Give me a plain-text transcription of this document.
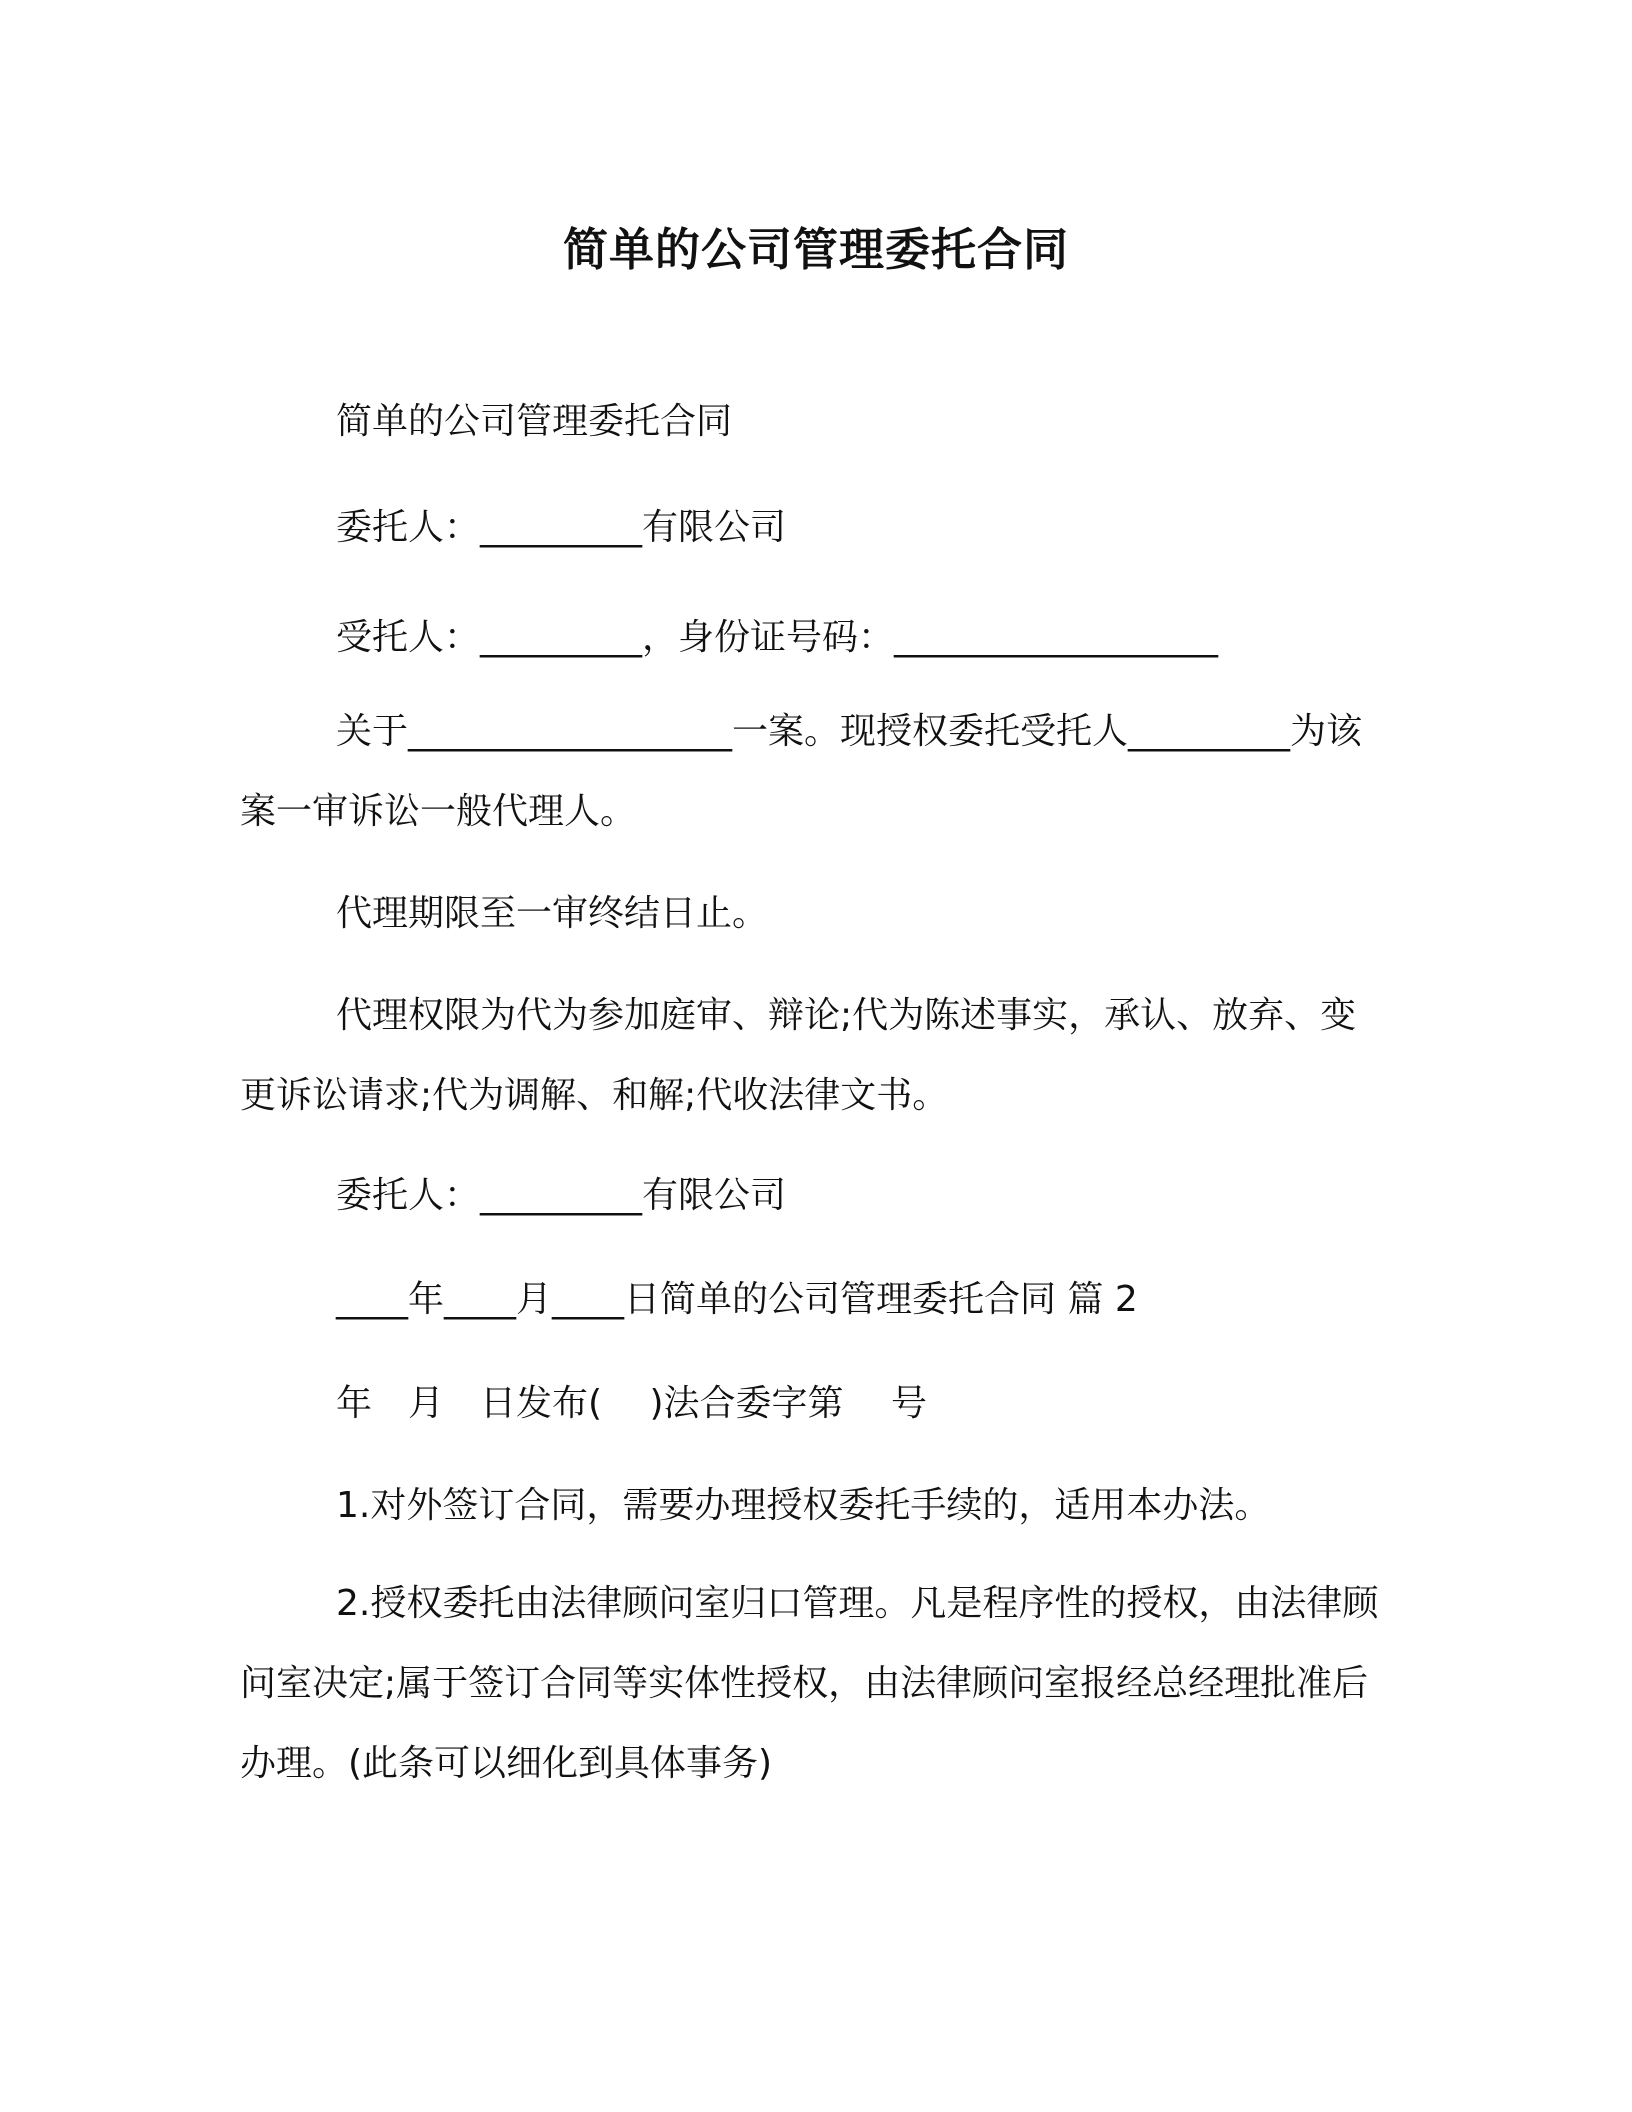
简单的公司管理委托合同
简单的公司管理委托合同
委托人：_________有限公司
受托人：_________，身份证号码：__________________
关于__________________一案。现授权委托受托人_________为该案一审诉讼一般代理人。
代理期限至一审终结日止。
代理权限为代为参加庭审、辩论;代为陈述事实，承认、放弃、变更诉讼请求;代为调解、和解;代收法律文书。
委托人：_________有限公司
____年____月____日简单的公司管理委托合同 篇 2
年　月　日发布(　 )法合委字第　 号
1.对外签订合同，需要办理授权委托手续的，适用本办法。
2.授权委托由法律顾问室归口管理。凡是程序性的授权，由法律顾问室决定;属于签订合同等实体性授权，由法律顾问室报经总经理批准后办理。(此条可以细化到具体事务)
